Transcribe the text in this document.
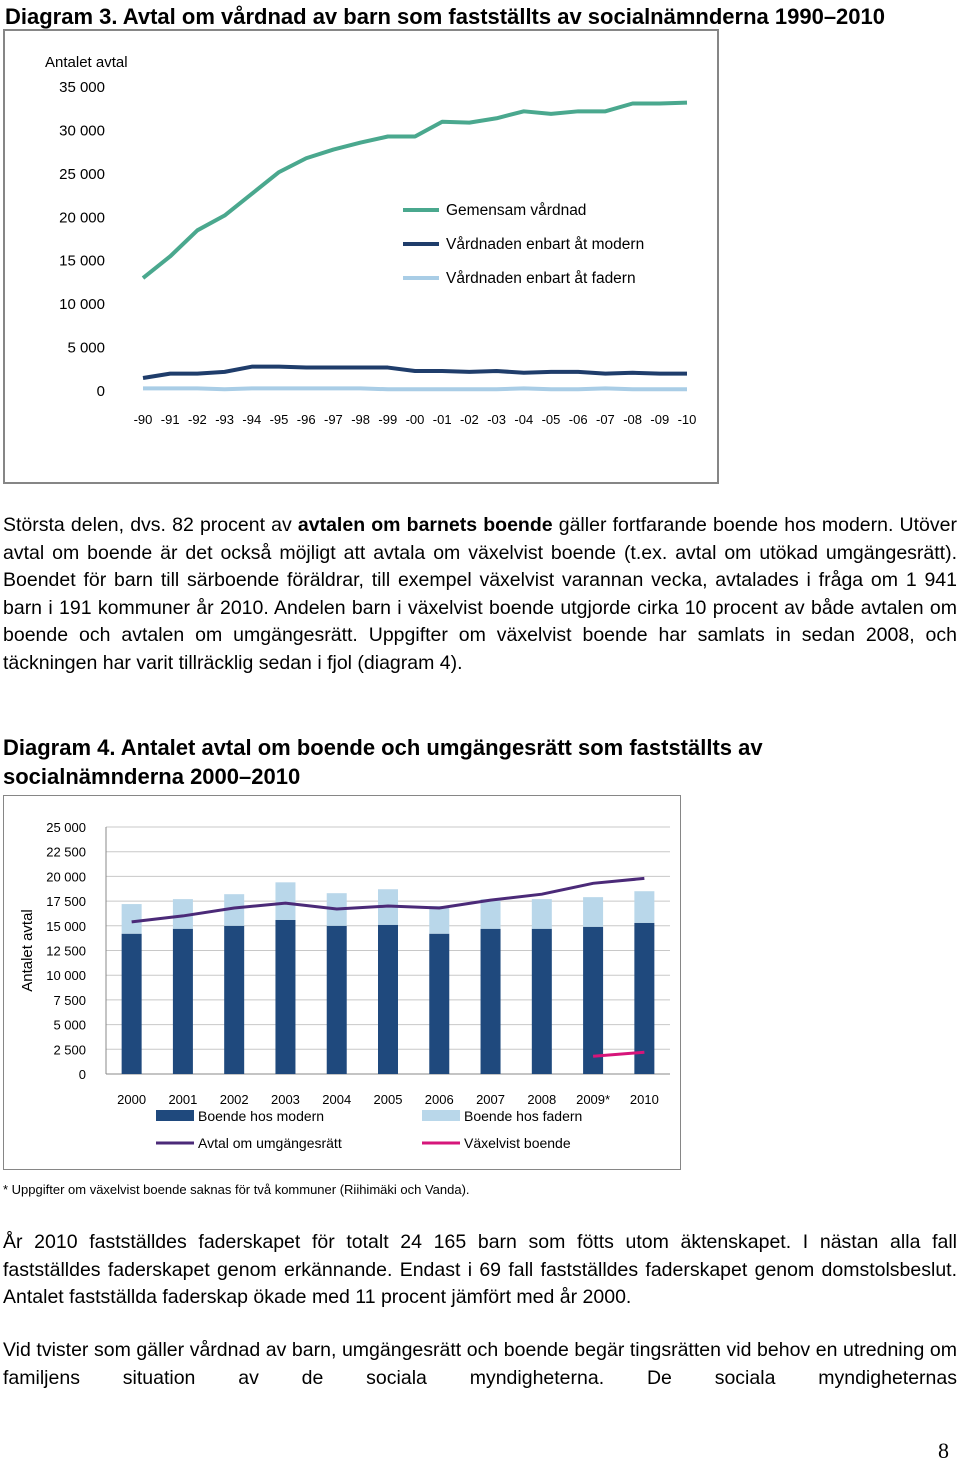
Diagram 3. Avtal om vårdnad av barn som fastställts av socialnämnderna 1990–2010
Antalet avtal
0
5 000
10 000
15 000
20 000
25 000
30 000
35 000
-90 -91 -92 -93 -94 -95 -96 -97 -98 -99 -00 -01 -02 -03 -04 -05 -06 -07 -08 -09 -10
Gemensam vårdnad
Vårdnaden enbart åt modern
Vårdnaden enbart åt fadern

Största delen, dvs. 82 procent av avtalen om barnets boende gäller fortfarande boende hos modern. Utöver avtal om boende är det också möjligt att avtala om växelvist boende (t.ex. avtal om utökad umgängesrätt). Boendet för barn till särboende föräldrar, till exempel växelvist varannan vecka, avtalades i fråga om 1 941 barn i 191 kommuner år 2010. Andelen barn i växelvist boende utgjorde cirka 10 procent av både avtalen om boende och avtalen om umgängesrätt. Uppgifter om växelvist boende har samlats in sedan 2008, och täckningen har varit tillräcklig sedan i fjol (diagram 4).

Diagram 4. Antalet avtal om boende och umgängesrätt som fastställts av
socialnämnderna 2000–2010
0
2 500
5 000
7 500
10 000
12 500
15 000
17 500
20 000
22 500
25 000
Antalet avtal
2000 2001 2002 2003 2004 2005 2006 2007 2008 2009* 2010
Boende hos modern	Boende hos fadern
Avtal om umgängesrätt	Växelvist boende
* Uppgifter om växelvist boende saknas för två kommuner (Riihimäki och Vanda).

År 2010 fastställdes faderskapet för totalt 24 165 barn som fötts utom äktenskapet. I nästan alla fall fastställdes faderskapet genom erkännande. Endast i 69 fall fastställdes faderskapet genom domstolsbeslut. Antalet fastställda faderskap ökade med 11 procent jämfört med år 2000.

Vid tvister som gäller vårdnad av barn, umgängesrätt och boende begär tingsrätten vid behov en utredning om familjens situation av de sociala myndigheterna. De sociala myndigheternas

8
